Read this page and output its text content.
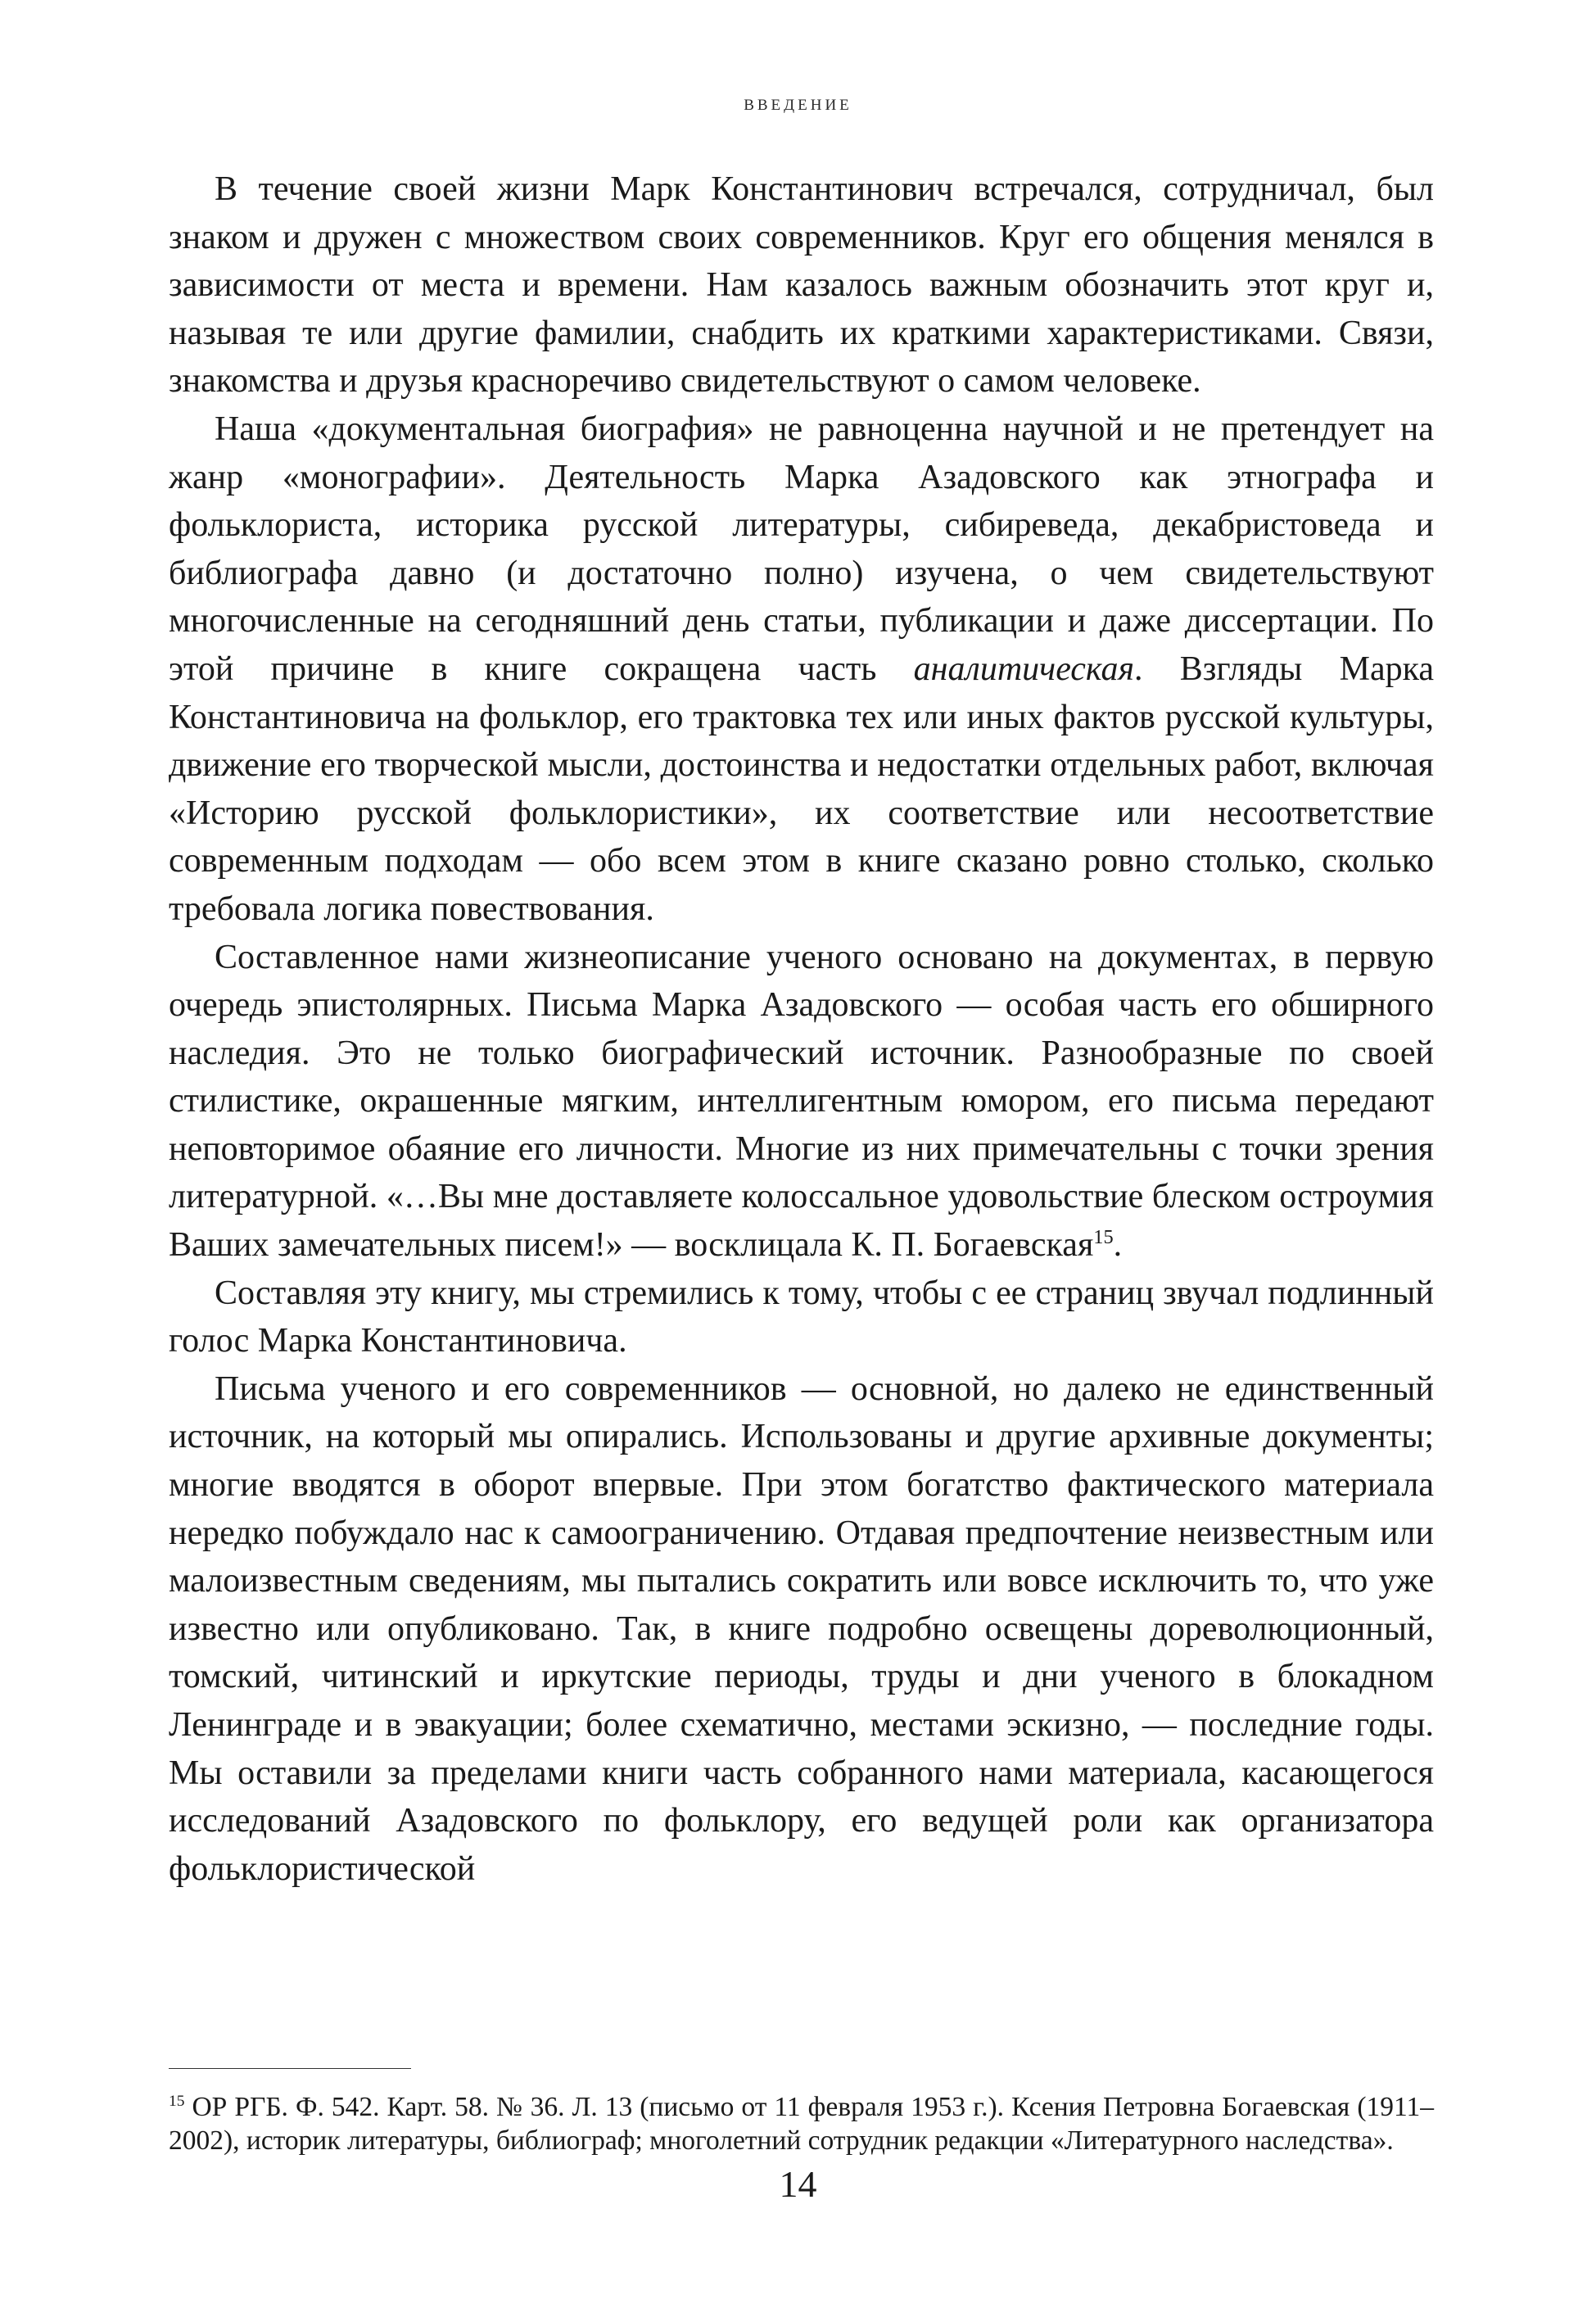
ВВЕДЕНИЕ

В течение своей жизни Марк Константинович встречался, сотрудничал, был знаком и дружен с множеством своих современников. Круг его общения менялся в зависимости от места и времени. Нам казалось важным обозначить этот круг и, называя те или другие фамилии, снабдить их краткими характеристиками. Связи, знакомства и друзья красноречиво свидетельствуют о самом человеке.

Наша «документальная биография» не равноценна научной и не претендует на жанр «монографии». Деятельность Марка Азадовского как этнографа и фольклориста, историка русской литературы, сибиреведа, декабристоведа и библиографа давно (и достаточно полно) изучена, о чем свидетельствуют многочисленные на сегодняшний день статьи, публикации и даже диссертации. По этой причине в книге сокращена часть аналитическая. Взгляды Марка Константиновича на фольклор, его трактовка тех или иных фактов русской культуры, движение его творческой мысли, достоинства и недостатки отдельных работ, включая «Историю русской фольклористики», их соответствие или несоответствие современным подходам — обо всем этом в книге сказано ровно столько, сколько требовала логика повествования.

Составленное нами жизнеописание ученого основано на документах, в первую очередь эпистолярных. Письма Марка Азадовского — особая часть его обширного наследия. Это не только биографический источник. Разнообразные по своей стилистике, окрашенные мягким, интеллигентным юмором, его письма передают неповторимое обаяние его личности. Многие из них примечательны с точки зрения литературной. «…Вы мне доставляете колоссальное удовольствие блеском остроумия Ваших замечательных писем!» — восклицала К. П. Богаевская$^{15}$.

Составляя эту книгу, мы стремились к тому, чтобы с ее страниц звучал подлинный голос Марка Константиновича.

Письма ученого и его современников — основной, но далеко не единственный источник, на который мы опирались. Использованы и другие архивные документы; многие вводятся в оборот впервые. При этом богатство фактического материала нередко побуждало нас к самоограничению. Отдавая предпочтение неизвестным или малоизвестным сведениям, мы пытались сократить или вовсе исключить то, что уже известно или опубликовано. Так, в книге подробно освещены дореволюционный, томский, читинский и иркутские периоды, труды и дни ученого в блокадном Ленинграде и в эвакуации; более схематично, местами эскизно, — последние годы. Мы оставили за пределами книги часть собранного нами материала, касающегося исследований Азадовского по фольклору, его ведущей роли как организатора фольклористической

$^{15}$ ОР РГБ. Ф. 542. Карт. 58. № 36. Л. 13 (письмо от 11 февраля 1953 г.). Ксения Петровна Богаевская (1911–2002), историк литературы, библиограф; многолетний сотрудник редакции «Литературного наследства».

14
